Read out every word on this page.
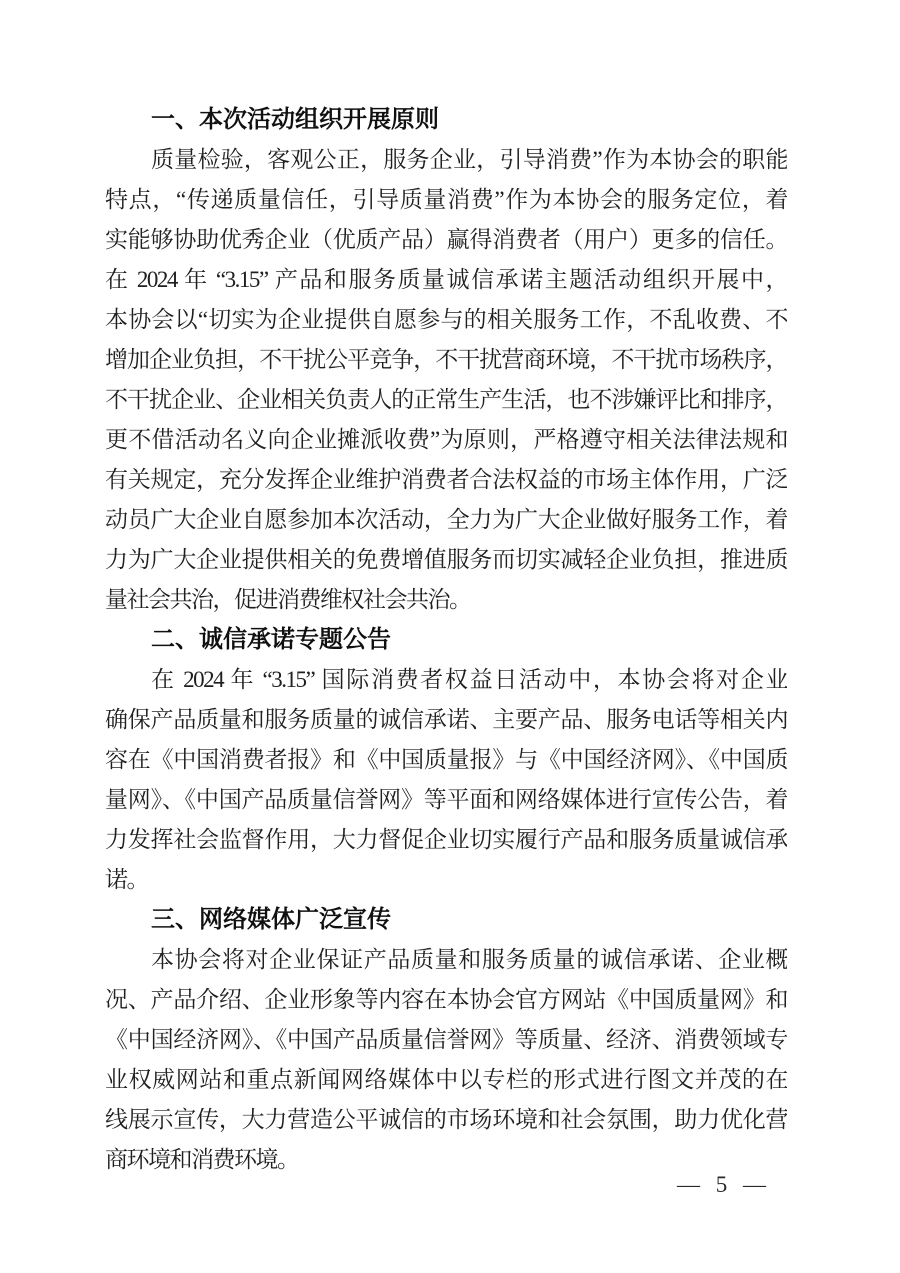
一、本次活动组织开展原则
质量检验，客观公正，服务企业，引导消费”作为本协会的职能
特点，“传递质量信任，引导质量消费”作为本协会的服务定位，着
实能够协助优秀企业（优质产品）赢得消费者（用户）更多的信任。
在 2024 年 “3.15” 产品和服务质量诚信承诺主题活动组织开展中，
本协会以“切实为企业提供自愿参与的相关服务工作，不乱收费、不
增加企业负担，不干扰公平竞争，不干扰营商环境，不干扰市场秩序，
不干扰企业、企业相关负责人的正常生产生活，也不涉嫌评比和排序，
更不借活动名义向企业摊派收费”为原则，严格遵守相关法律法规和
有关规定，充分发挥企业维护消费者合法权益的市场主体作用，广泛
动员广大企业自愿参加本次活动，全力为广大企业做好服务工作，着
力为广大企业提供相关的免费增值服务而切实减轻企业负担，推进质
量社会共治，促进消费维权社会共治。
二、诚信承诺专题公告
在 2024 年 “3.15” 国际消费者权益日活动中，本协会将对企业
确保产品质量和服务质量的诚信承诺、主要产品、服务电话等相关内
容在《中国消费者报》和《中国质量报》与《中国经济网》、《中国质
量网》、《中国产品质量信誉网》等平面和网络媒体进行宣传公告，着
力发挥社会监督作用，大力督促企业切实履行产品和服务质量诚信承
诺。
三、网络媒体广泛宣传
本协会将对企业保证产品质量和服务质量的诚信承诺、企业概
况、产品介绍、企业形象等内容在本协会官方网站《中国质量网》和
《中国经济网》、《中国产品质量信誉网》等质量、经济、消费领域专
业权威网站和重点新闻网络媒体中以专栏的形式进行图文并茂的在
线展示宣传，大力营造公平诚信的市场环境和社会氛围，助力优化营
商环境和消费环境。
— 5 —
